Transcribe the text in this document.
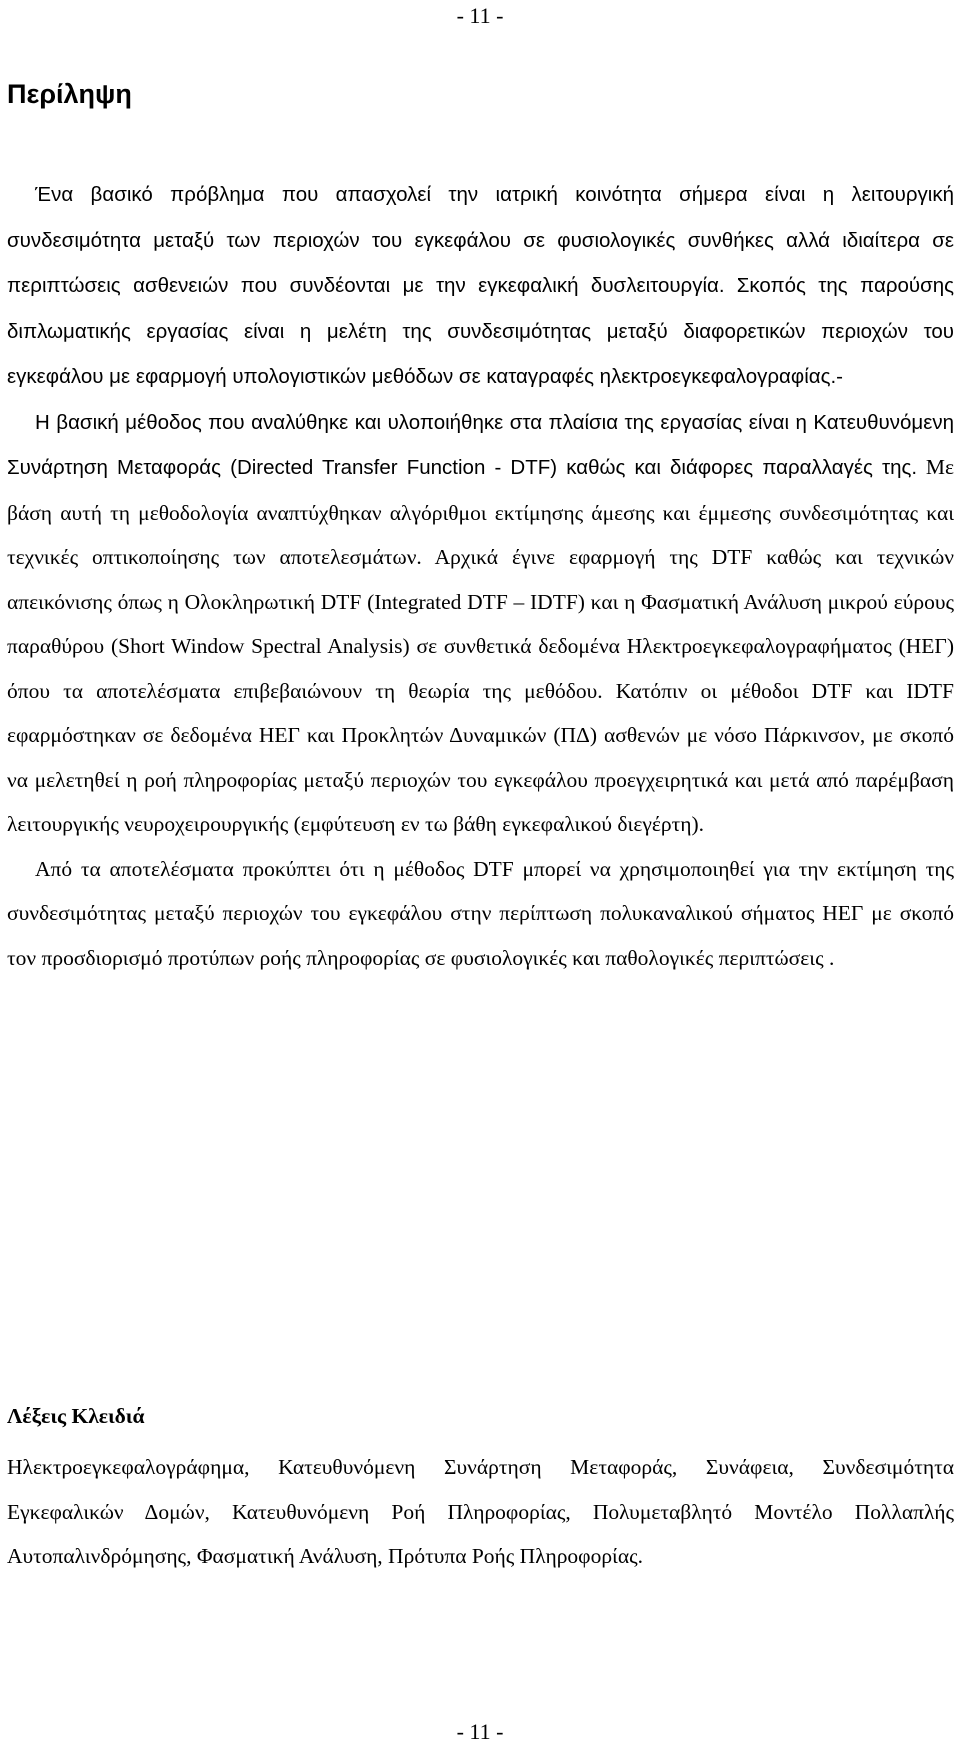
- 11 -
Περίληψη

Ένα βασικό πρόβλημα που απασχολεί την ιατρική κοινότητα σήμερα είναι η λειτουργική συνδεσιμότητα μεταξύ των περιοχών του εγκεφάλου σε φυσιολογικές συνθήκες αλλά ιδιαίτερα σε περιπτώσεις ασθενειών που συνδέονται με την εγκεφαλική δυσλειτουργία. Σκοπός της παρούσης διπλωματικής εργασίας είναι η μελέτη της συνδεσιμότητας μεταξύ διαφορετικών περιοχών του εγκεφάλου με εφαρμογή υπολογιστικών μεθόδων σε καταγραφές ηλεκτροεγκεφαλογραφίας.-

Η βασική μέθοδος που αναλύθηκε και υλοποιήθηκε στα πλαίσια της εργασίας είναι η Κατευθυνόμενη Συνάρτηση Μεταφοράς (Directed Transfer Function - DTF) καθώς και διάφορες παραλλαγές της. Με βάση αυτή τη μεθοδολογία αναπτύχθηκαν αλγόριθμοι εκτίμησης άμεσης και έμμεσης συνδεσιμότητας και τεχνικές οπτικοποίησης των αποτελεσμάτων. Αρχικά έγινε εφαρμογή της DTF καθώς και τεχνικών απεικόνισης όπως η Ολοκληρωτική DTF (Integrated DTF – IDTF) και η Φασματική Ανάλυση μικρού εύρους παραθύρου (Short Window Spectral Analysis) σε συνθετικά δεδομένα Ηλεκτροεγκεφαλογραφήματος (ΗΕΓ) όπου τα αποτελέσματα επιβεβαιώνουν τη θεωρία της μεθόδου. Κατόπιν οι μέθοδοι DTF και IDTF εφαρμόστηκαν σε δεδομένα ΗΕΓ και Προκλητών Δυναμικών (ΠΔ) ασθενών με νόσο Πάρκινσον, με σκοπό να μελετηθεί η ροή πληροφορίας μεταξύ περιοχών του εγκεφάλου προεγχειρητικά και μετά από παρέμβαση λειτουργικής νευροχειρουργικής (εμφύτευση εν τω βάθη εγκεφαλικού διεγέρτη).

Από τα αποτελέσματα προκύπτει ότι η μέθοδος DTF μπορεί να χρησιμοποιηθεί για την εκτίμηση της συνδεσιμότητας μεταξύ περιοχών του εγκεφάλου στην περίπτωση πολυκαναλικού σήματος ΗΕΓ με σκοπό τον προσδιορισμό προτύπων ροής πληροφορίας σε φυσιολογικές και παθολογικές περιπτώσεις .

Λέξεις Κλειδιά

Ηλεκτροεγκεφαλογράφημα, Κατευθυνόμενη Συνάρτηση Μεταφοράς, Συνάφεια, Συνδεσιμότητα Εγκεφαλικών Δομών, Κατευθυνόμενη Ροή Πληροφορίας, Πολυμεταβλητό Μοντέλο Πολλαπλής Αυτοπαλινδρόμησης, Φασματική Ανάλυση, Πρότυπα Ροής Πληροφορίας.

- 11 -
